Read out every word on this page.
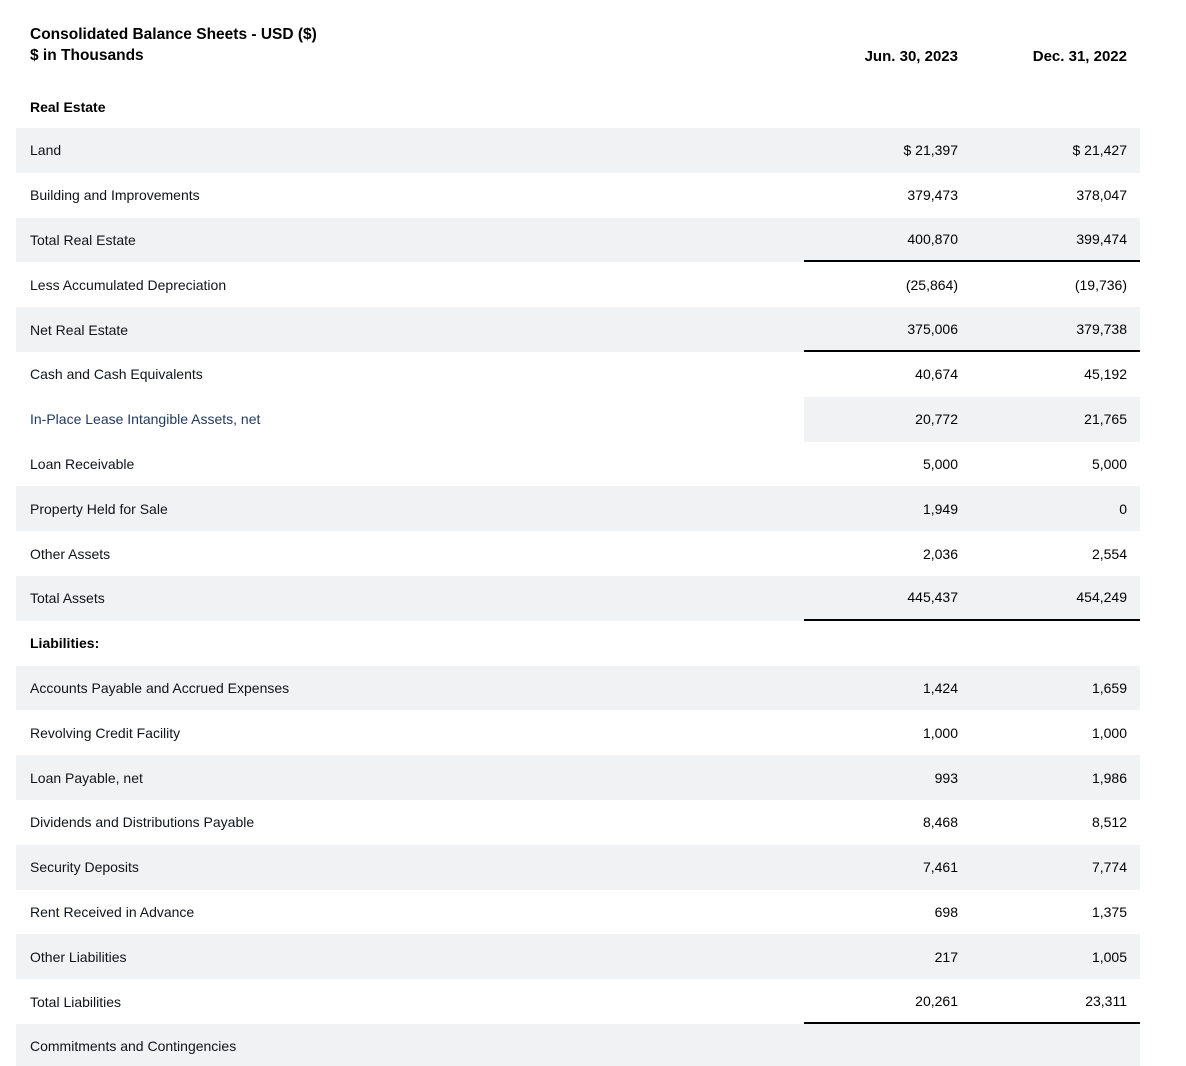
Consolidated Balance Sheets - USD ($)
$ in Thousands	Jun. 30, 2023	Dec. 31, 2022
Real Estate
Land	$ 21,397	$ 21,427
Building and Improvements	379,473	378,047
Total Real Estate	400,870	399,474
Less Accumulated Depreciation	(25,864)	(19,736)
Net Real Estate	375,006	379,738
Cash and Cash Equivalents	40,674	45,192
In-Place Lease Intangible Assets, net	20,772	21,765
Loan Receivable	5,000	5,000
Property Held for Sale	1,949	0
Other Assets	2,036	2,554
Total Assets	445,437	454,249
Liabilities:
Accounts Payable and Accrued Expenses	1,424	1,659
Revolving Credit Facility	1,000	1,000
Loan Payable, net	993	1,986
Dividends and Distributions Payable	8,468	8,512
Security Deposits	7,461	7,774
Rent Received in Advance	698	1,375
Other Liabilities	217	1,005
Total Liabilities	20,261	23,311
Commitments and Contingencies
